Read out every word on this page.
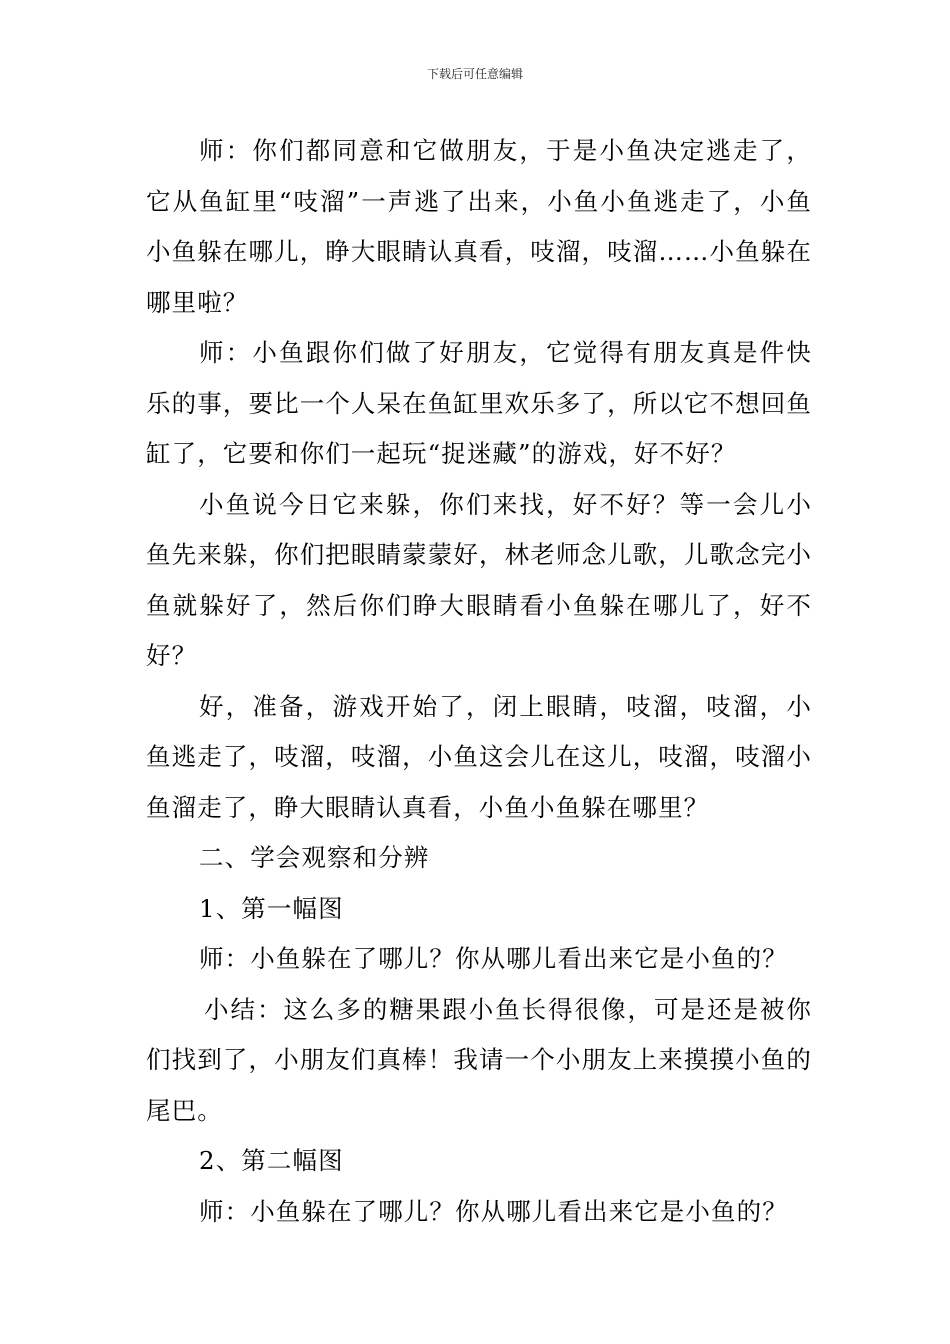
下载后可任意编辑

师：你们都同意和它做朋友，于是小鱼决定逃走了，它从鱼缸里“吱溜”一声逃了出来，小鱼小鱼逃走了，小鱼小鱼躲在哪儿，睁大眼睛认真看，吱溜，吱溜……小鱼躲在哪里啦？

师：小鱼跟你们做了好朋友，它觉得有朋友真是件快乐的事，要比一个人呆在鱼缸里欢乐多了，所以它不想回鱼缸了，它要和你们一起玩“捉迷藏”的游戏，好不好？

小鱼说今日它来躲，你们来找，好不好？等一会儿小鱼先来躲，你们把眼睛蒙蒙好，林老师念儿歌，儿歌念完小鱼就躲好了，然后你们睁大眼睛看小鱼躲在哪儿了，好不好？

好，准备，游戏开始了，闭上眼睛，吱溜，吱溜，小鱼逃走了，吱溜，吱溜，小鱼这会儿在这儿，吱溜，吱溜小鱼溜走了，睁大眼睛认真看，小鱼小鱼躲在哪里？

二、学会观察和分辨

1、第一幅图

师：小鱼躲在了哪儿？你从哪儿看出来它是小鱼的？

小结：这么多的糖果跟小鱼长得很像，可是还是被你们找到了，小朋友们真棒！我请一个小朋友上来摸摸小鱼的尾巴。

2、第二幅图

师：小鱼躲在了哪儿？你从哪儿看出来它是小鱼的？
